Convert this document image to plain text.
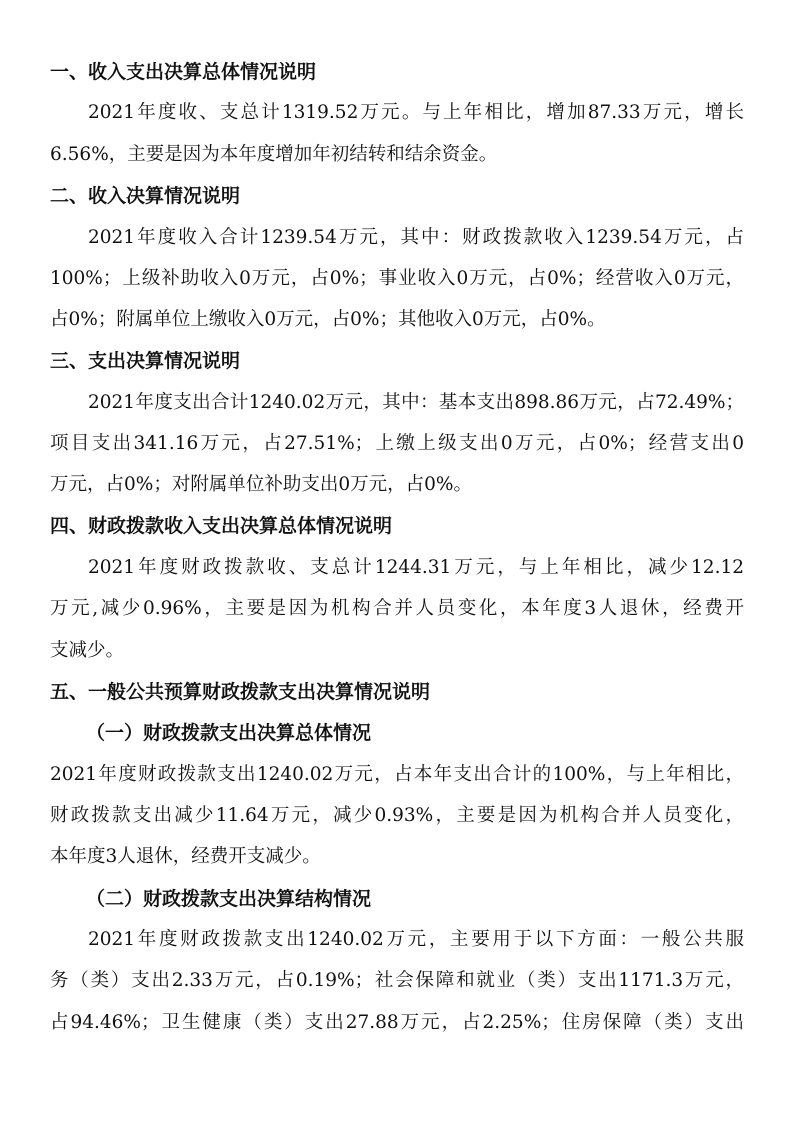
一、收入支出决算总体情况说明
2021年度收、支总计1319.52万元。与上年相比，增加87.33万元，增长
6.56%，主要是因为本年度增加年初结转和结余资金。
二、收入决算情况说明
2021年度收入合计1239.54万元，其中：财政拨款收入1239.54万元，占
100%；上级补助收入0万元，占0%；事业收入0万元，占0%；经营收入0万元，
占0%；附属单位上缴收入0万元，占0%；其他收入0万元，占0%。
三、支出决算情况说明
2021年度支出合计1240.02万元，其中：基本支出898.86万元，占72.49%；
项目支出341.16万元，占27.51%；上缴上级支出0万元，占0%；经营支出0
万元，占0%；对附属单位补助支出0万元，占0%。
四、财政拨款收入支出决算总体情况说明
2021年度财政拨款收、支总计1244.31万元，与上年相比，减少12.12
万元,减少0.96%，主要是因为机构合并人员变化，本年度3人退休，经费开
支减少。
五、一般公共预算财政拨款支出决算情况说明
（一）财政拨款支出决算总体情况
2021年度财政拨款支出1240.02万元，占本年支出合计的100%，与上年相比，
财政拨款支出减少11.64万元，减少0.93%，主要是因为机构合并人员变化，
本年度3人退休，经费开支减少。
（二）财政拨款支出决算结构情况
2021年度财政拨款支出1240.02万元，主要用于以下方面：一般公共服
务（类）支出2.33万元，占0.19%；社会保障和就业（类）支出1171.3万元，
占94.46%；卫生健康（类）支出27.88万元，占2.25%；住房保障（类）支出
